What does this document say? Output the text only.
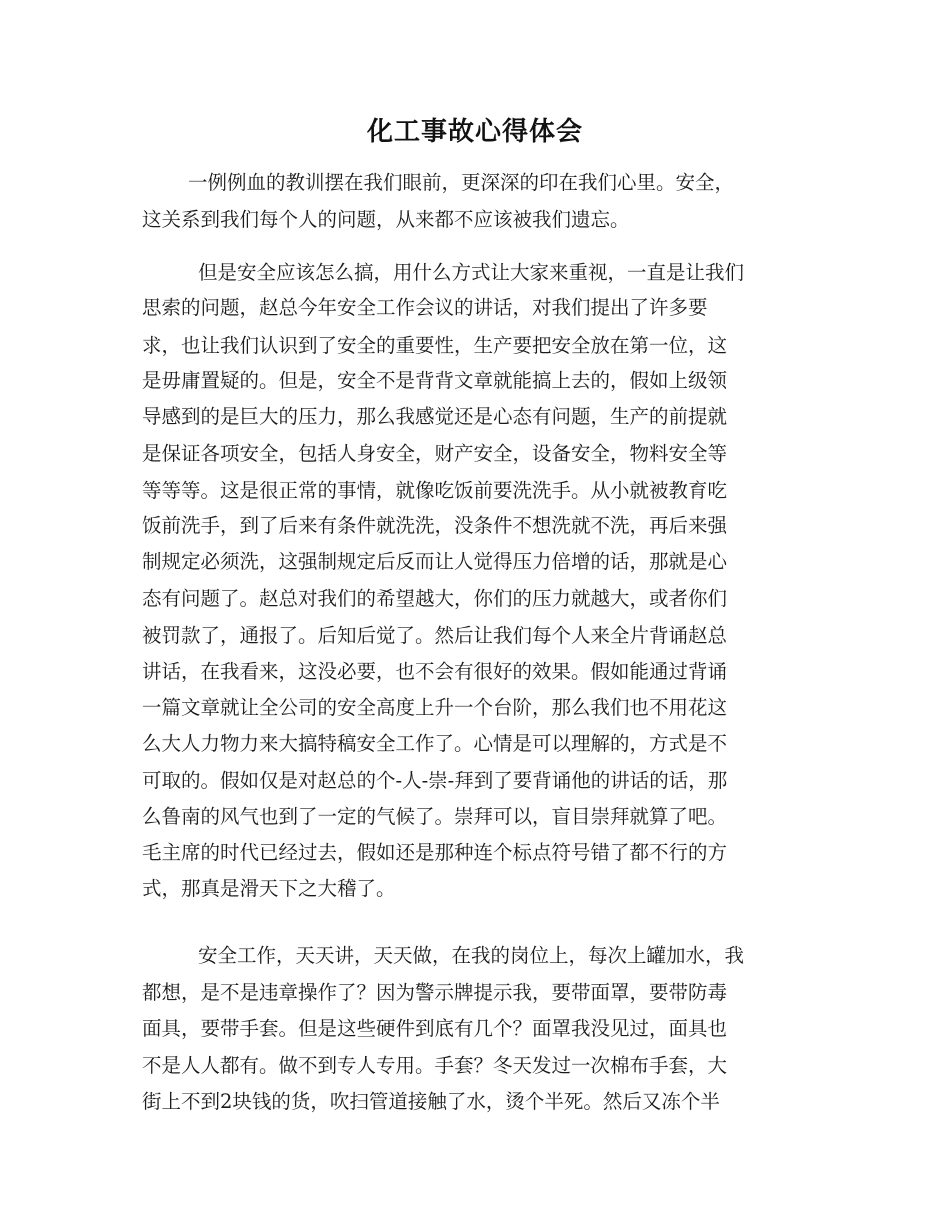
化工事故心得体会
一例例血的教训摆在我们眼前，更深深的印在我们心里。安全，
这关系到我们每个人的问题，从来都不应该被我们遗忘。
但是安全应该怎么搞，用什么方式让大家来重视，一直是让我们
思索的问题，赵总今年安全工作会议的讲话，对我们提出了许多要
求，也让我们认识到了安全的重要性，生产要把安全放在第一位，这
是毋庸置疑的。但是，安全不是背背文章就能搞上去的，假如上级领
导感到的是巨大的压力，那么我感觉还是心态有问题，生产的前提就
是保证各项安全，包括人身安全，财产安全，设备安全，物料安全等
等等等。这是很正常的事情，就像吃饭前要洗洗手。从小就被教育吃
饭前洗手，到了后来有条件就洗洗，没条件不想洗就不洗，再后来强
制规定必须洗，这强制规定后反而让人觉得压力倍增的话，那就是心
态有问题了。赵总对我们的希望越大，你们的压力就越大，或者你们
被罚款了，通报了。后知后觉了。然后让我们每个人来全片背诵赵总
讲话，在我看来，这没必要，也不会有很好的效果。假如能通过背诵
一篇文章就让全公司的安全高度上升一个台阶，那么我们也不用花这
么大人力物力来大搞特稿安全工作了。心情是可以理解的，方式是不
可取的。假如仅是对赵总的个-人-崇-拜到了要背诵他的讲话的话，那
么鲁南的风气也到了一定的气候了。崇拜可以，盲目崇拜就算了吧。
毛主席的时代已经过去，假如还是那种连个标点符号错了都不行的方
式，那真是滑天下之大稽了。
安全工作，天天讲，天天做，在我的岗位上，每次上罐加水，我
都想，是不是违章操作了？因为警示牌提示我，要带面罩，要带防毒
面具，要带手套。但是这些硬件到底有几个？面罩我没见过，面具也
不是人人都有。做不到专人专用。手套？冬天发过一次棉布手套，大
街上不到2块钱的货，吹扫管道接触了水，烫个半死。然后又冻个半
